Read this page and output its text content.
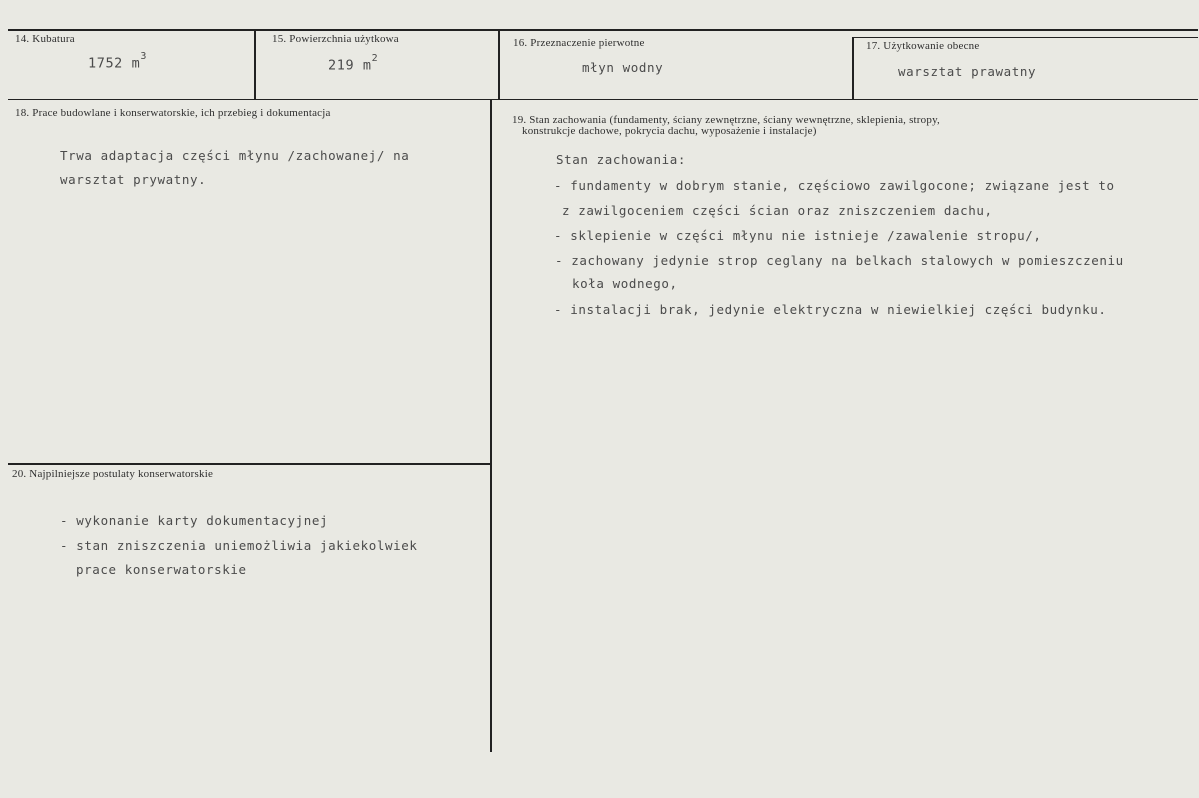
14. Kubatura
1752 $m^3$
15. Powierzchnia użytkowa
219 $m^2$
16. Przeznaczenie pierwotne
młyn wodny
17. Użytkowanie obecne
warsztat prawatny
18. Prace budowlane i konserwatorskie, ich przebieg i dokumentacja
Trwa adaptacja części młynu /zachowanej/ na
warsztat prywatny.
19. Stan zachowania (fundamenty, ściany zewnętrzne, ściany wewnętrzne, sklepienia, stropy,
konstrukcje dachowe, pokrycia dachu, wyposażenie i instalacje)
Stan zachowania:
- fundamenty w dobrym stanie, częściowo zawilgocone; związane jest to
z zawilgoceniem części ścian oraz zniszczeniem dachu,
- sklepienie w części młynu nie istnieje /zawalenie stropu/,
- zachowany jedynie strop ceglany na belkach stalowych w pomieszczeniu
koła wodnego,
- instalacji brak, jedynie elektryczna w niewielkiej części budynku.
20. Najpilniejsze postulaty konserwatorskie
- wykonanie karty dokumentacyjnej
- stan zniszczenia uniemożliwia jakiekolwiek
prace konserwatorskie
